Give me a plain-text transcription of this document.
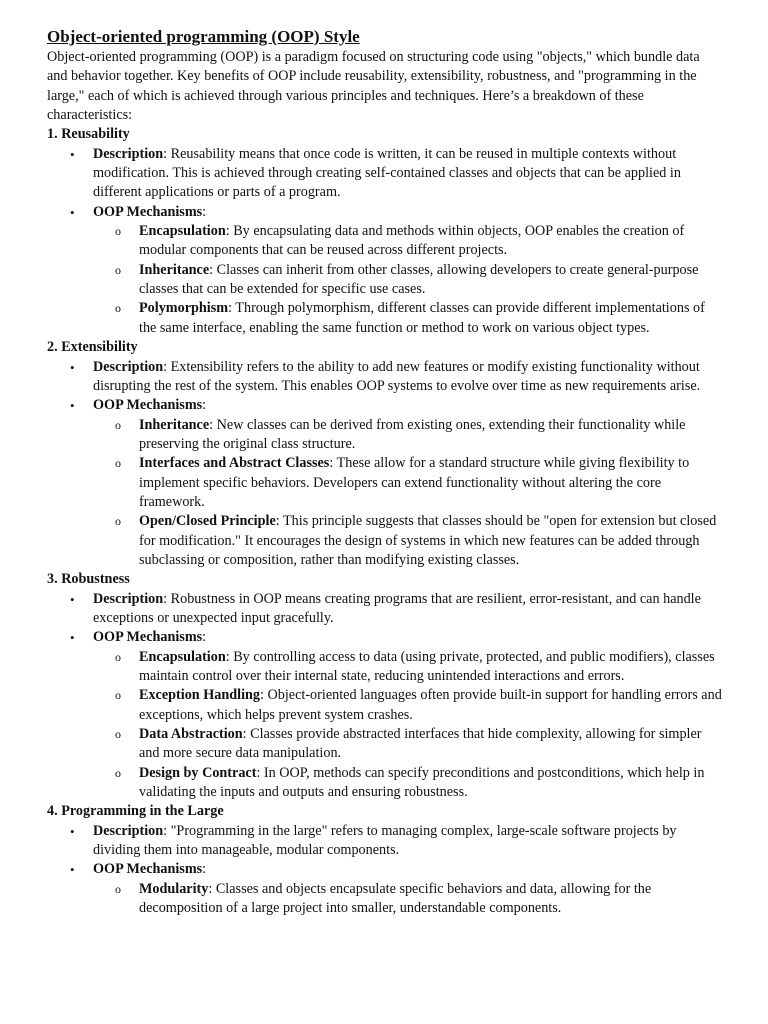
Object-oriented programming (OOP) Style

Object-oriented programming (OOP) is a paradigm focused on structuring code using "objects," which bundle data and behavior together. Key benefits of OOP include reusability, extensibility, robustness, and "programming in the large," each of which is achieved through various principles and techniques. Here’s a breakdown of these characteristics:

1. Reusability
• Description: Reusability means that once code is written, it can be reused in multiple contexts without modification. This is achieved through creating self-contained classes and objects that can be applied in different applications or parts of a program.
• OOP Mechanisms:
o Encapsulation: By encapsulating data and methods within objects, OOP enables the creation of modular components that can be reused across different projects.
o Inheritance: Classes can inherit from other classes, allowing developers to create general-purpose classes that can be extended for specific use cases.
o Polymorphism: Through polymorphism, different classes can provide different implementations of the same interface, enabling the same function or method to work on various object types.
2. Extensibility
• Description: Extensibility refers to the ability to add new features or modify existing functionality without disrupting the rest of the system. This enables OOP systems to evolve over time as new requirements arise.
• OOP Mechanisms:
o Inheritance: New classes can be derived from existing ones, extending their functionality while preserving the original class structure.
o Interfaces and Abstract Classes: These allow for a standard structure while giving flexibility to implement specific behaviors. Developers can extend functionality without altering the core framework.
o Open/Closed Principle: This principle suggests that classes should be "open for extension but closed for modification." It encourages the design of systems in which new features can be added through subclassing or composition, rather than modifying existing classes.
3. Robustness
• Description: Robustness in OOP means creating programs that are resilient, error-resistant, and can handle exceptions or unexpected input gracefully.
• OOP Mechanisms:
o Encapsulation: By controlling access to data (using private, protected, and public modifiers), classes maintain control over their internal state, reducing unintended interactions and errors.
o Exception Handling: Object-oriented languages often provide built-in support for handling errors and exceptions, which helps prevent system crashes.
o Data Abstraction: Classes provide abstracted interfaces that hide complexity, allowing for simpler and more secure data manipulation.
o Design by Contract: In OOP, methods can specify preconditions and postconditions, which help in validating the inputs and outputs and ensuring robustness.
4. Programming in the Large
• Description: "Programming in the large" refers to managing complex, large-scale software projects by dividing them into manageable, modular components.
• OOP Mechanisms:
o Modularity: Classes and objects encapsulate specific behaviors and data, allowing for the decomposition of a large project into smaller, understandable components.
